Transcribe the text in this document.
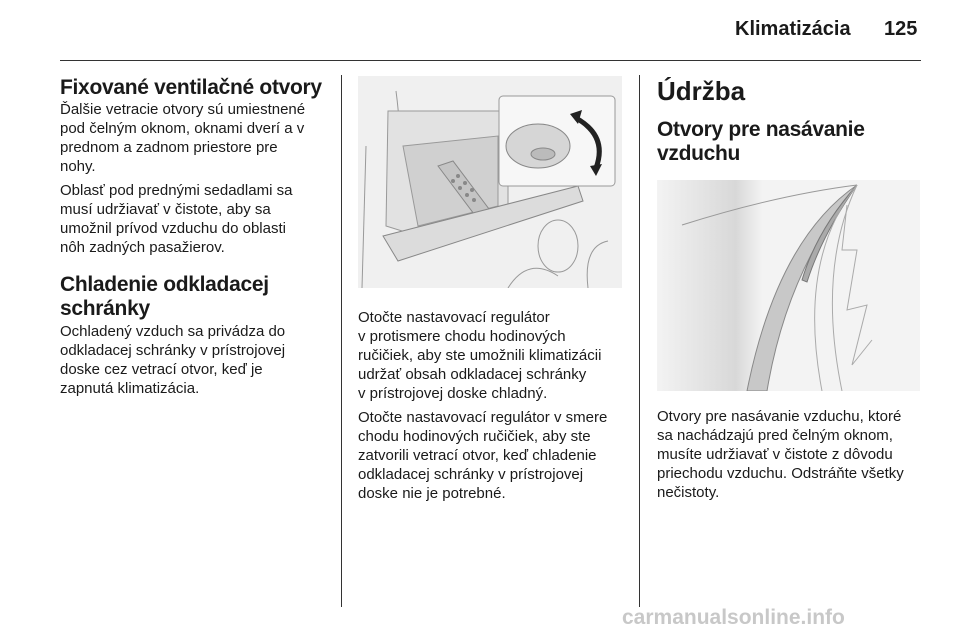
Klimatizácia 125
Fixované ventilačné otvory

Ďalšie vetracie otvory sú umiestnené
pod čelným oknom, oknami dverí a v
prednom a zadnom priestore pre
nohy.

Oblasť pod prednými sedadlami sa
musí udržiavať v čistote, aby sa
umožnil prívod vzduchu do oblasti
nôh zadných pasažierov.

Chladenie odkladacej
schránky

Ochladený vzduch sa privádza do
odkladacej schránky v prístrojovej
doske cez vetrací otvor, keď je
zapnutá klimatizácia.

Otočte nastavovací regulátor
v protismere chodu hodinových
ručičiek, aby ste umožnili klimatizácii
udržať obsah odkladacej schránky
v prístrojovej doske chladný.

Otočte nastavovací regulátor v smere
chodu hodinových ručičiek, aby ste
zatvorili vetrací otvor, keď chladenie
odkladacej schránky v prístrojovej
doske nie je potrebné.

Údržba
Otvory pre nasávanie
vzduchu

Otvory pre nasávanie vzduchu, ktoré
sa nachádzajú pred čelným oknom,
musíte udržiavať v čistote z dôvodu
priechodu vzduchu. Odstráňte všetky
nečistoty.

carmanualsonline.info
